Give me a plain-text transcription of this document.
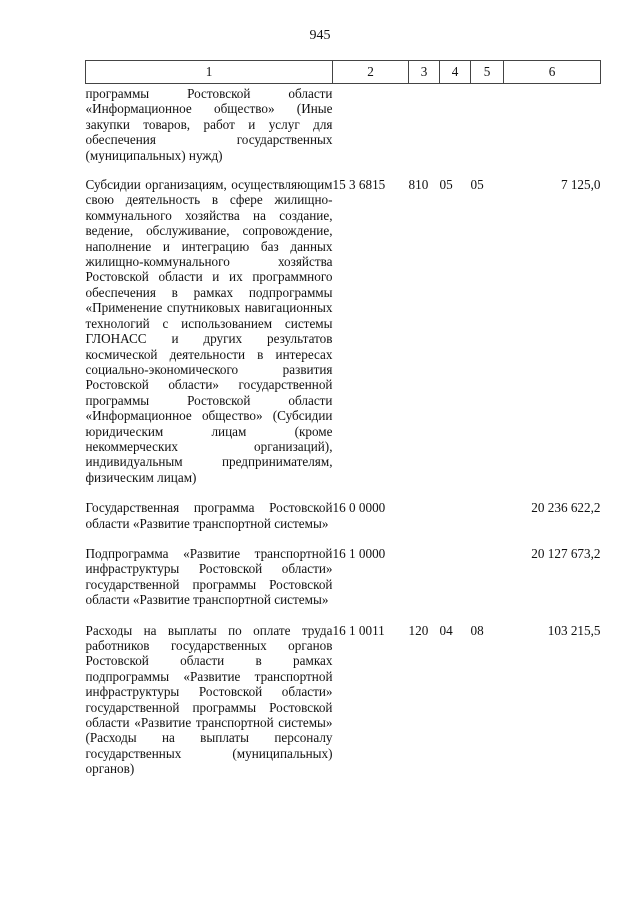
945
1	2	3	4	5	6
программы Ростовской области «Информационное общество» (Иные закупки товаров, работ и услуг для обеспечения государственных (муниципальных) нужд)					
Субсидии организациям, осуществляющим свою деятельность в сфере жилищно-коммунального хозяйства на создание, ведение, обслуживание, сопровождение, наполнение и интеграцию баз данных жилищно-коммунального хозяйства Ростовской области и их программного обеспечения в рамках подпрограммы «Применение спутниковых навигационных технологий с использованием системы ГЛОНАСС и других результатов космической деятельности в интересах социально-экономического развития Ростовской области» государственной программы Ростовской области «Информационное общество» (Субсидии юридическим лицам (кроме некоммерческих организаций), индивидуальным предпринимателям, физическим лицам)	15 3 6815	810	05	05	7 125,0
Государственная программа Ростовской области «Развитие транспортной системы»	16 0 0000				20 236 622,2
Подпрограмма «Развитие транспортной инфраструктуры Ростовской области» государственной программы Ростовской области «Развитие транспортной системы»	16 1 0000				20 127 673,2
Расходы на выплаты по оплате труда работников государственных органов Ростовской области в рамках подпрограммы «Развитие транспортной инфраструктуры Ростовской области» государственной программы Ростовской области «Развитие транспортной системы» (Расходы на выплаты персоналу государственных (муниципальных) органов)	16 1 0011	120	04	08	103 215,5
